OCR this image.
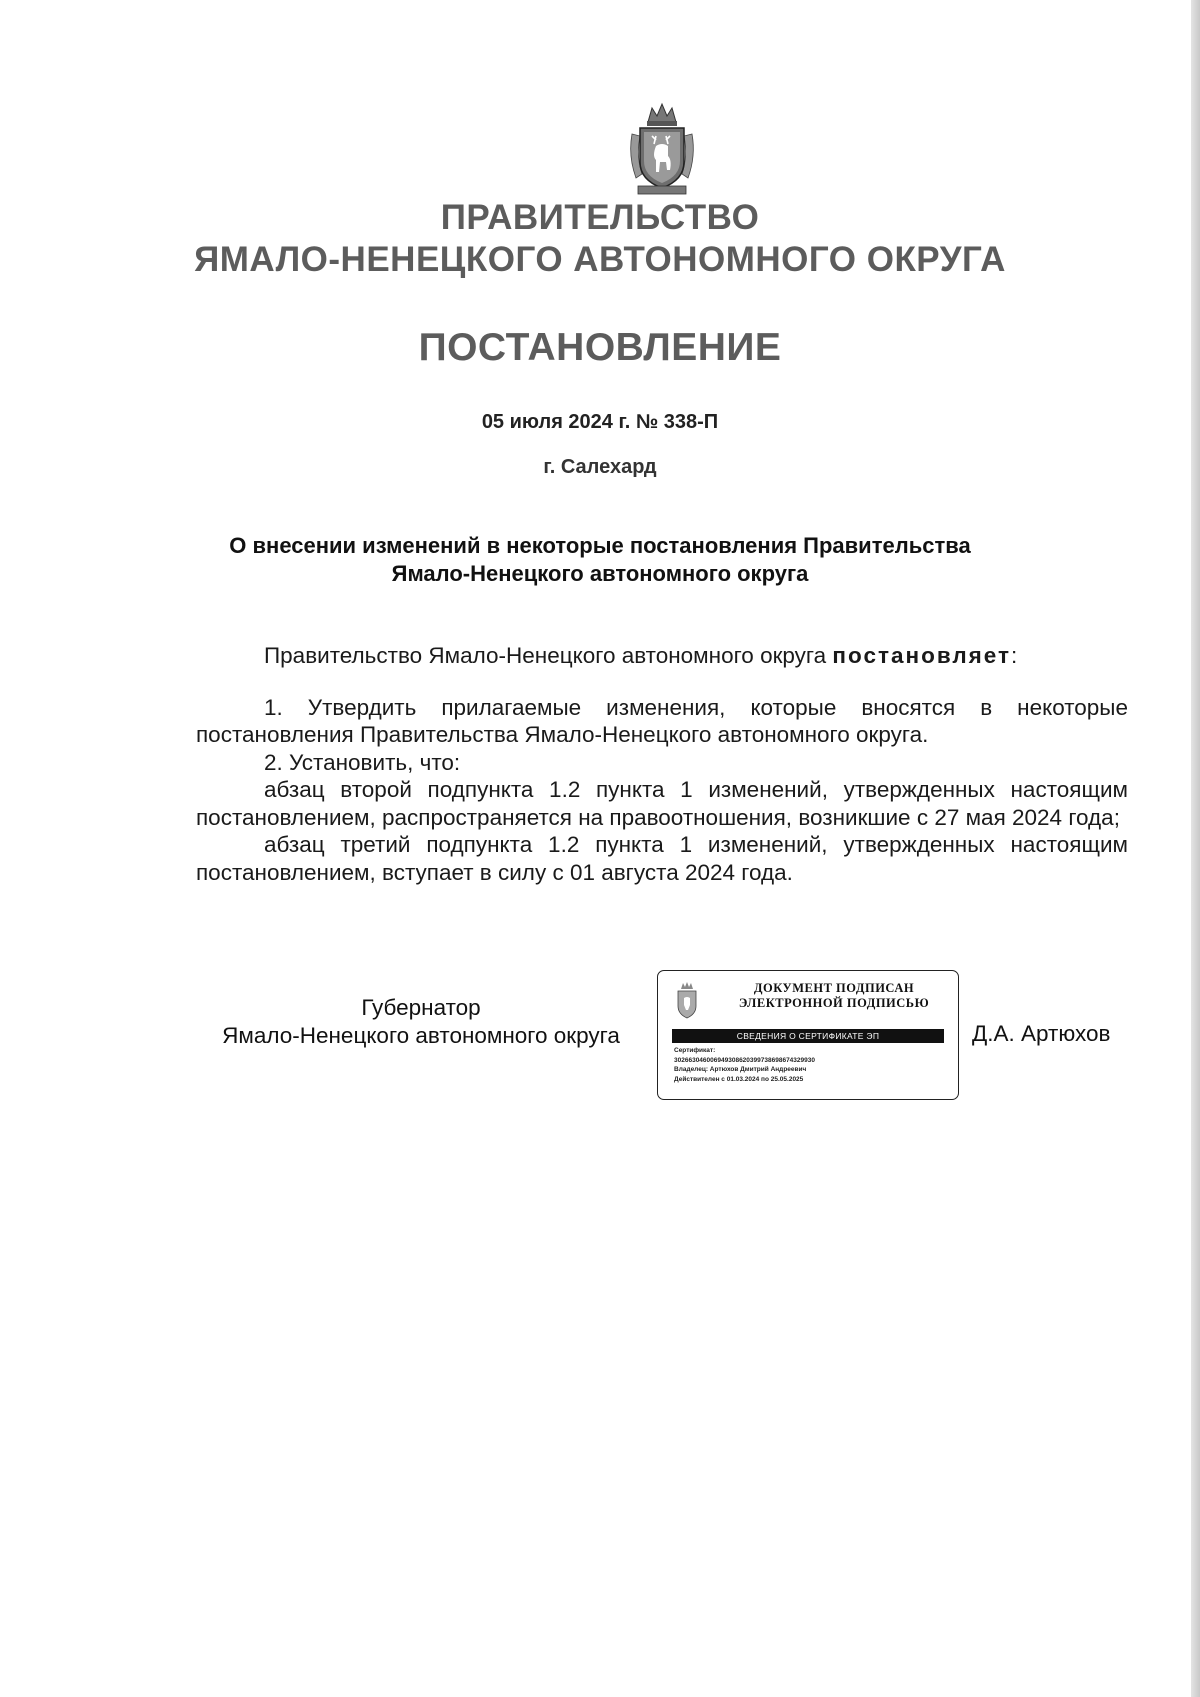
ПРАВИТЕЛЬСТВО
ЯМАЛО-НЕНЕЦКОГО АВТОНОМНОГО ОКРУГА
ПОСТАНОВЛЕНИЕ
05 июля 2024 г. № 338-П
г. Салехард
О внесении изменений в некоторые постановления Правительства
Ямало-Ненецкого автономного округа

Правительство Ямало-Ненецкого автономного округа постановляет:

1. Утвердить прилагаемые изменения, которые вносятся в некоторые постановления Правительства Ямало-Ненецкого автономного округа.

2. Установить, что:

абзац второй подпункта 1.2 пункта 1 изменений, утвержденных настоящим постановлением, распространяется на правоотношения, возникшие с 27 мая 2024 года;

абзац третий подпункта 1.2 пункта 1 изменений, утвержденных настоящим постановлением, вступает в силу с 01 августа 2024 года.

Губернатор
Ямало-Ненецкого автономного округа
ДОКУМЕНТ ПОДПИСАН
ЭЛЕКТРОННОЙ ПОДПИСЬЮ
СВЕДЕНИЯ О СЕРТИФИКАТЕ ЭП
Сертификат:
3026630460069493086203997386986743​29930
Владелец: Артюхов Дмитрий Андреевич
Действителен с 01.03.2024 по 25.05.2025
Д.А. Артюхов
